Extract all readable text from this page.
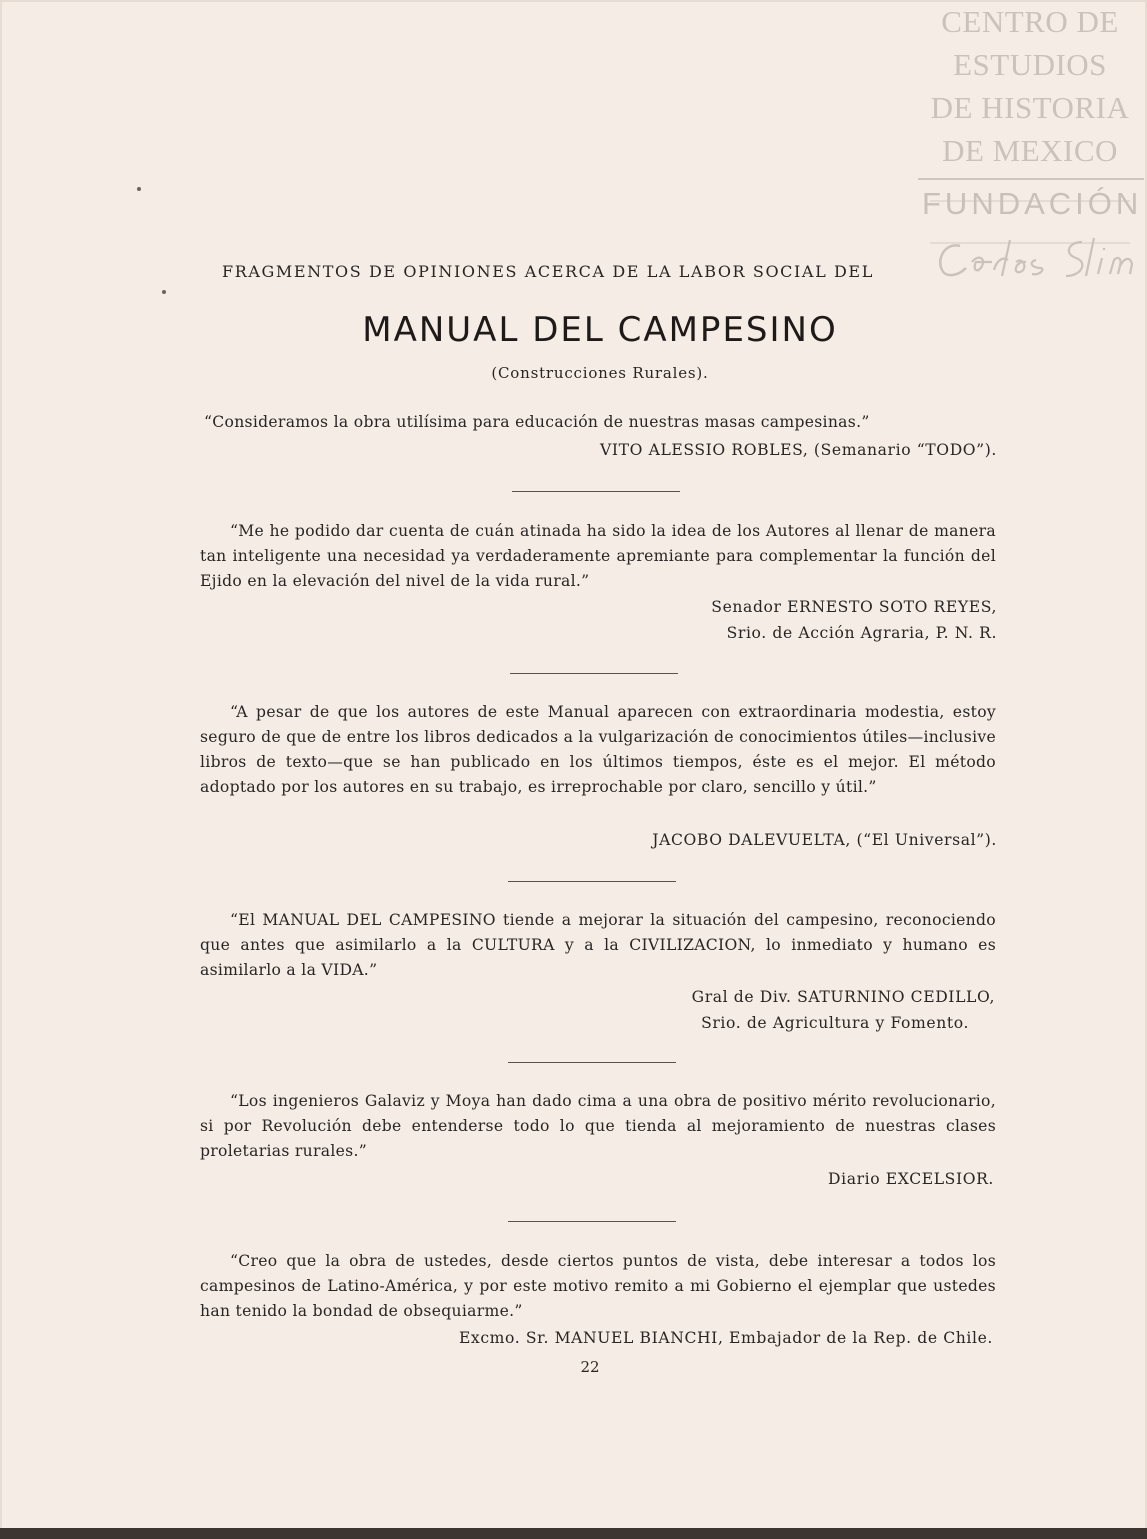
CENTRO DE
ESTUDIOS
DE HISTORIA
DE MEXICO
FUNDACIÓN
FRAGMENTOS DE OPINIONES ACERCA DE LA LABOR SOCIAL DEL
MANUAL DEL CAMPESINO
(Construcciones Rurales).

“Consideramos la obra utilísima para educación de nuestras masas campesinas.”

VITO ALESSIO ROBLES, (Semanario “TODO”).

“Me he podido dar cuenta de cuán atinada ha sido la idea de los Autores al llenar de manera tan inteligente una necesidad ya verdaderamente apremiante para complementar la función del Ejido en la elevación del nivel de la vida rural.”

Senador ERNESTO SOTO REYES,
Srio. de Acción Agraria, P. N. R.

“A pesar de que los autores de este Manual aparecen con extraordinaria modestia, estoy seguro de que de entre los libros dedicados a la vulgarización de conocimientos útiles—inclusive libros de texto—que se han publicado en los últimos tiempos, éste es el mejor. El método adoptado por los autores en su trabajo, es irreprochable por claro, sencillo y útil.”

JACOBO DALEVUELTA, (“El Universal”).

“El MANUAL DEL CAMPESINO tiende a mejorar la situación del campesino, reconociendo que antes que asimilarlo a la CULTURA y a la CIVILIZACION, lo inmediato y humano es asimilarlo a la VIDA.”

Gral de Div. SATURNINO CEDILLO,
Srio. de Agricultura y Fomento.

“Los ingenieros Galaviz y Moya han dado cima a una obra de positivo mérito revolucionario, si por Revolución debe entenderse todo lo que tienda al mejoramiento de nuestras clases proletarias rurales.”

Diario EXCELSIOR.

“Creo que la obra de ustedes, desde ciertos puntos de vista, debe interesar a todos los campesinos de Latino-América, y por este motivo remito a mi Gobierno el ejemplar que ustedes han tenido la bondad de obsequiarme.”

Excmo. Sr. MANUEL BIANCHI, Embajador de la Rep. de Chile.
22
